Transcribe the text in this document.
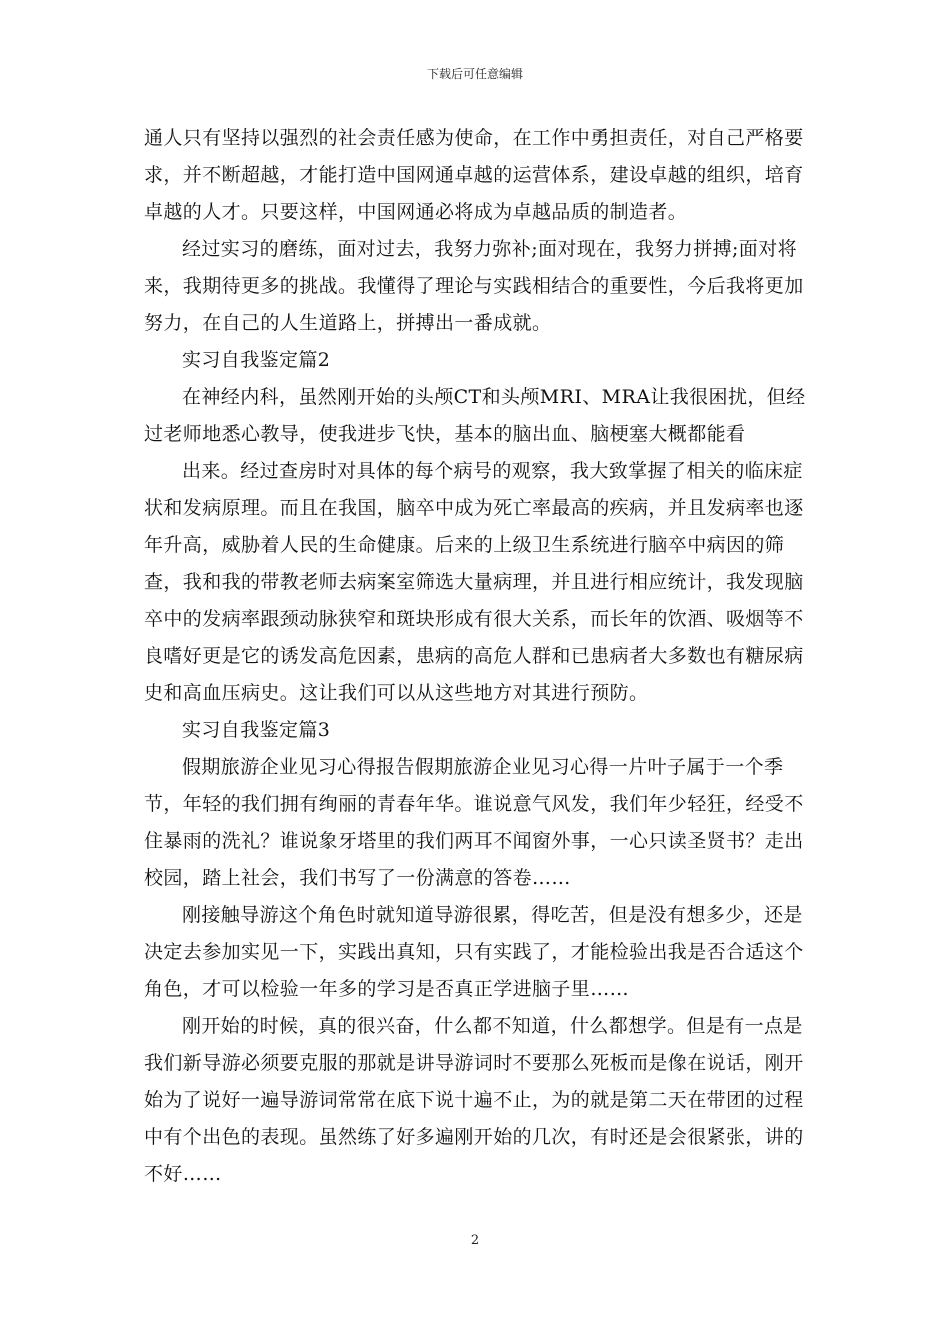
下载后可任意编辑

通人只有坚持以强烈的社会责任感为使命，在工作中勇担责任，对自己严格要求，并不断超越，才能打造中国网通卓越的运营体系，建设卓越的组织，培育卓越的人才。只要这样，中国网通必将成为卓越品质的制造者。

经过实习的磨练，面对过去，我努力弥补;面对现在，我努力拼搏;面对将来，我期待更多的挑战。我懂得了理论与实践相结合的重要性，今后我将更加努力，在自己的人生道路上，拼搏出一番成就。

实习自我鉴定篇2

在神经内科，虽然刚开始的头颅CT和头颅MRI、MRA让我很困扰，但经过老师地悉心教导，使我进步飞快，基本的脑出血、脑梗塞大概都能看

出来。经过查房时对具体的每个病号的观察，我大致掌握了相关的临床症状和发病原理。而且在我国，脑卒中成为死亡率最高的疾病，并且发病率也逐年升高，威胁着人民的生命健康。后来的上级卫生系统进行脑卒中病因的筛查，我和我的带教老师去病案室筛选大量病理，并且进行相应统计，我发现脑卒中的发病率跟颈动脉狭窄和斑块形成有很大关系，而长年的饮酒、吸烟等不良嗜好更是它的诱发高危因素，患病的高危人群和已患病者大多数也有糖尿病史和高血压病史。这让我们可以从这些地方对其进行预防。

实习自我鉴定篇3

假期旅游企业见习心得报告假期旅游企业见习心得一片叶子属于一个季节，年轻的我们拥有绚丽的青春年华。谁说意气风发，我们年少轻狂，经受不住暴雨的洗礼？谁说象牙塔里的我们两耳不闻窗外事，一心只读圣贤书？走出校园，踏上社会，我们书写了一份满意的答卷……

刚接触导游这个角色时就知道导游很累，得吃苦，但是没有想多少，还是决定去参加实见一下，实践出真知，只有实践了，才能检验出我是否合适这个角色，才可以检验一年多的学习是否真正学进脑子里……

刚开始的时候，真的很兴奋，什么都不知道，什么都想学。但是有一点是我们新导游必须要克服的那就是讲导游词时不要那么死板而是像在说话，刚开始为了说好一遍导游词常常在底下说十遍不止，为的就是第二天在带团的过程中有个出色的表现。虽然练了好多遍刚开始的几次，有时还是会很紧张，讲的不好……

2
